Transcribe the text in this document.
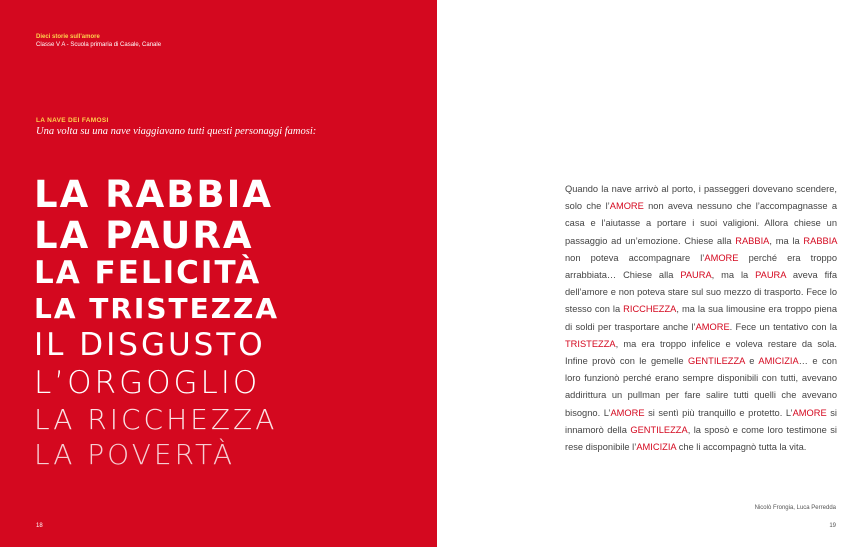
Dieci storie sull'amore
Classe V A - Scuola primaria di Casale, Canale
LA NAVE DEI FAMOSI
Una volta su una nave viaggiavano tutti questi personaggi famosi:
LA RABBIA
LA PAURA
LA FELICITÀ
LA TRISTEZZA
IL DISGUSTO
L’ORGOGLIO
LA RICCHEZZA
LA POVERTÀ
18
Quando la nave arrivò al porto, i passeggeri dovevano scendere, solo che l’AMORE non aveva nessuno che l’accompagnasse a casa e l’aiutasse a portare i suoi valigioni. Allora chiese un passaggio ad un’emozione. Chiese alla RABBIA, ma la RABBIA non poteva accompagnare l’AMORE perché era troppo arrabbiata… Chiese alla PAURA, ma la PAURA aveva fifa dell’amore e non poteva stare sul suo mezzo di trasporto. Fece lo stesso con la RICCHEZZA, ma la sua limousine era troppo piena di soldi per trasportare anche l’AMORE. Fece un tentativo con la TRISTEZZA, ma era troppo infelice e voleva restare da sola. Infine provò con le gemelle GENTILEZZA e AMICIZIA… e con loro funzionò perché erano sempre disponibili con tutti, avevano addirittura un pullman per fare salire tutti quelli che avevano bisogno. L’AMORE si sentì più tranquillo e protetto. L’AMORE si innamorò della GENTILEZZA, la sposò e come loro testimone si rese disponibile l’AMICIZIA che li accompagnò tutta la vita.
Nicolò Frongia, Luca Perredda
19
